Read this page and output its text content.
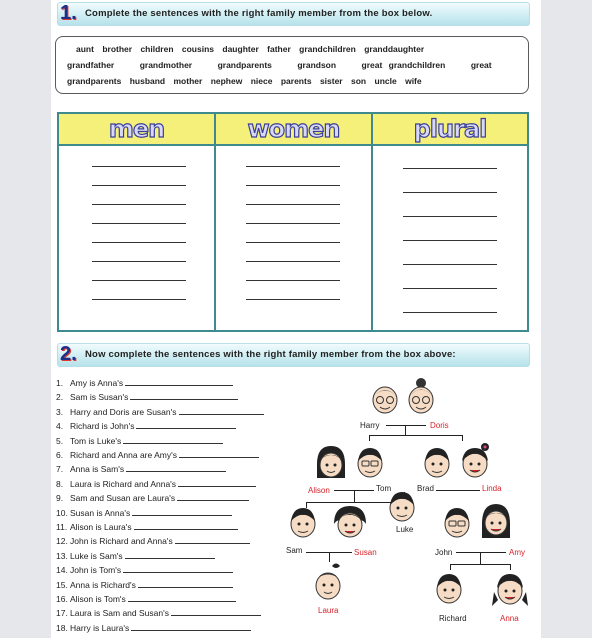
1. Complete the sentences with the right family member from the box below.
aunt brother children cousins daughter father grandchildren granddaughter
grandfather	grandmother	grandparents	grandson	great grandchildren	great
grandparents husband mother nephew niece parents sister son uncle wife
men	women	plural
2. Now complete the sentences with the right family member from the box above:
1. Amy is Anna's
2. Sam is Susan's
3. Harry and Doris are Susan's
4. Richard is John's
5. Tom is Luke's
6. Richard and Anna are Amy's
7. Anna is Sam's
8. Laura is Richard and Anna's
9. Sam and Susan are Laura's
10. Susan is Anna's
11. Alison is Laura's
12. John is Richard and Anna's
13. Luke is Sam's
14. John is Tom's
15. Anna is Richard's
16. Alison is Tom's
17. Laura is Sam and Susan's
18. Harry is Laura's
Harry	Doris
Alison	Tom	Brad	Linda
Luke
Sam	Susan	John	Amy
Laura
Richard	Anna
